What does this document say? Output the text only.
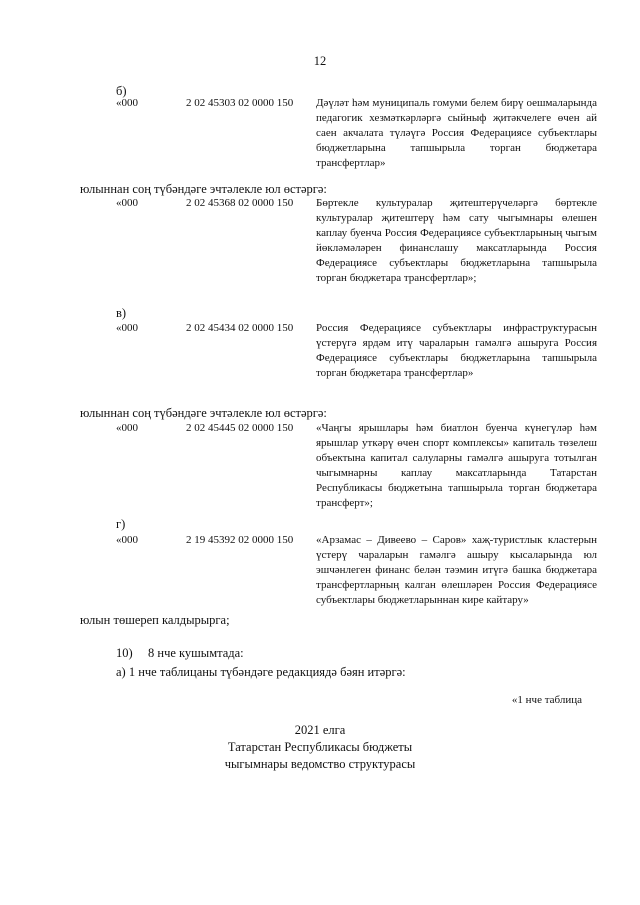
12
б)
«000	2 02 45303 02 0000 150 Дәүләт һәм муниципаль гомуми белем бирү оешмаларында педагогик хезмәткәрләргә сыйныф җитәкчелеге өчен ай саен акчалата түләүгә Россия Федерациясе субъектлары бюджетларына тапшырыла торган бюджетара трансфертлар»
юлыннан соң түбәндәге эчтәлекле юл өстәргә:
«000	2 02 45368 02 0000 150 Бөртекле культуралар җитештерүчеләргә бөртекле культуралар җитештерү һәм сату чыгымнары өлешен каплау буенча Россия Федерациясе субъектларының чыгым йөкләмәләрен финанслашу максатларында Россия Федерациясе субъектлары бюджетларына тапшырыла торган бюджетара трансфертлар»;
в)
«000	2 02 45434 02 0000 150 Россия Федерациясе субъектлары инфраструктурасын үстерүгә ярдәм итү чараларын гамәлгә ашыруга Россия Федерациясе субъектлары бюджетларына тапшырыла торган бюджетара трансфертлар»
юлыннан соң түбәндәге эчтәлекле юл өстәргә:
«000	2 02 45445 02 0000 150 «Чаңгы ярышлары һәм биатлон буенча күнегүләр һәм ярышлар уткәрү өчен спорт комплексы» капиталь төзелеш объектына капитал салуларны гамәлгә ашыруга тотылган чыгымнарны каплау максатларында Татарстан Республикасы бюджетына тапшырыла торган бюджетара трансферт»;
г)
«000	2 19 45392 02 0000 150 «Арзамас – Дивеево – Саров» хаҗ-туристлык кластерын үстерү чараларын гамәлгә ашыру кысаларында юл эшчәнлеген финанс белән тәэмин итүгә башка бюджетара трансфертларның калган өлешләрен Россия Федерациясе субъектлары бюджетларыннан кире кайтару»
юлын төшереп калдырырга;
10) 8 нче кушымтада:
а) 1 нче таблицаны түбәндәге редакциядә бәян итәргә:
«1 нче таблица
2021 елга
Татарстан Республикасы бюджеты
чыгымнары ведомство структурасы
